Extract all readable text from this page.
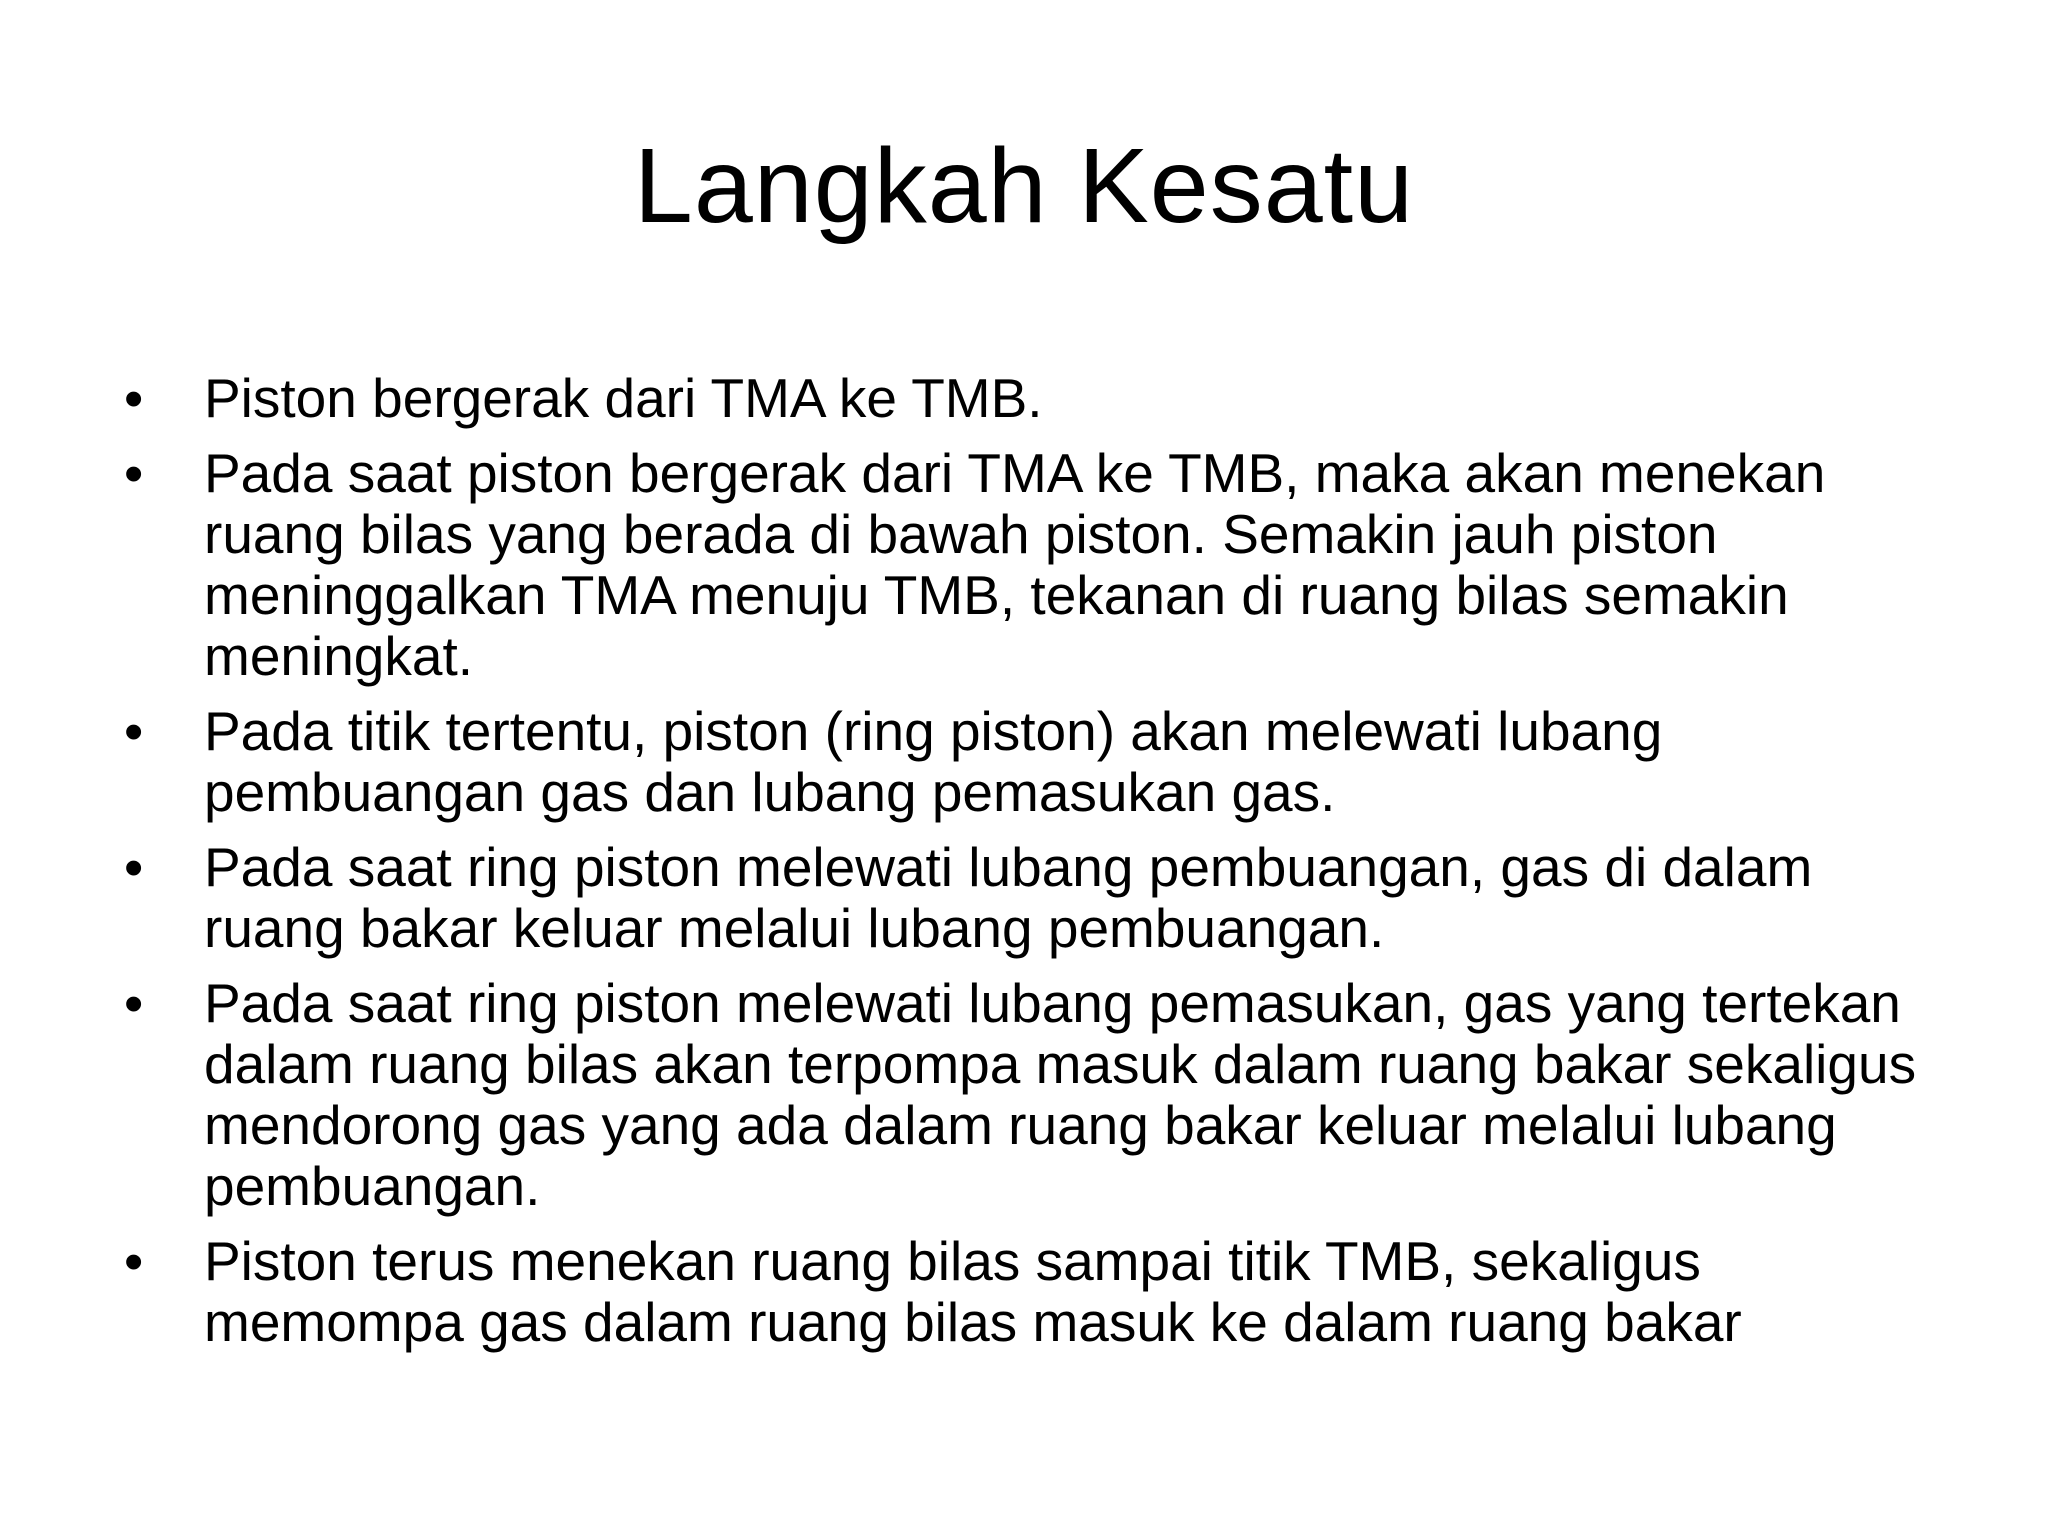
Langkah Kesatu
•	Piston bergerak dari TMA ke TMB.
•	Pada saat piston bergerak dari TMA ke TMB, maka akan menekan ruang bilas yang berada di bawah piston. Semakin jauh piston meninggalkan TMA menuju TMB, tekanan di ruang bilas semakin meningkat.
•	Pada titik tertentu, piston (ring piston) akan melewati lubang pembuangan gas dan lubang pemasukan gas.
•	Pada saat ring piston melewati lubang pembuangan, gas di dalam ruang bakar keluar melalui lubang pembuangan.
•	Pada saat ring piston melewati lubang pemasukan, gas yang tertekan dalam ruang bilas akan terpompa masuk dalam ruang bakar sekaligus mendorong gas yang ada dalam ruang bakar keluar melalui lubang pembuangan.
•	Piston terus menekan ruang bilas sampai titik TMB, sekaligus memompa gas dalam ruang bilas masuk ke dalam ruang bakar
